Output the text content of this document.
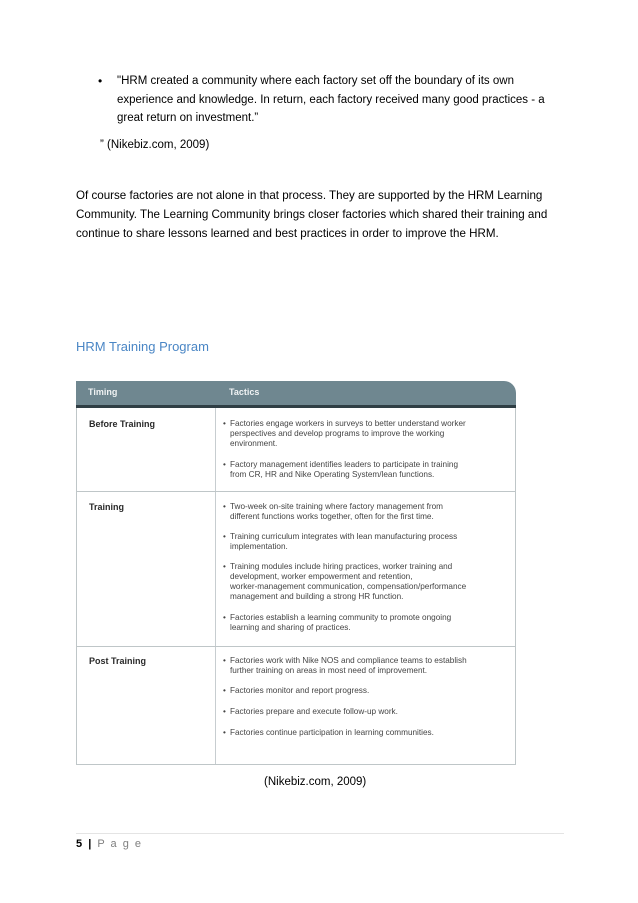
• "HRM created a community where each factory set off the boundary of its own
experience and knowledge. In return, each factory received many good practices - a
great return on investment.”
” (Nikebiz.com, 2009)
Of course factories are not alone in that process. They are supported by the HRM Learning
Community. The Learning Community brings closer factories which shared their training and
continue to share lessons learned and best practices in order to improve the HRM.
HRM Training Program
Timing	Tactics
Before Training	• Factories engage workers in surveys to better understand worker
perspectives and develop programs to improve the working
environment.
• Factory management identifies leaders to participate in training
from CR, HR and Nike Operating System/lean functions.
Training	• Two-week on-site training where factory management from
different functions works together, often for the first time.
• Training curriculum integrates with lean manufacturing process
implementation.
• Training modules include hiring practices, worker training and
development, worker empowerment and retention,
worker-management communication, compensation/performance
management and building a strong HR function.
• Factories establish a learning community to promote ongoing
learning and sharing of practices.
Post Training	• Factories work with Nike NOS and compliance teams to establish
further training on areas in most need of improvement.
• Factories monitor and report progress.
• Factories prepare and execute follow-up work.
• Factories continue participation in learning communities.
(Nikebiz.com, 2009)
5 | P a g e
